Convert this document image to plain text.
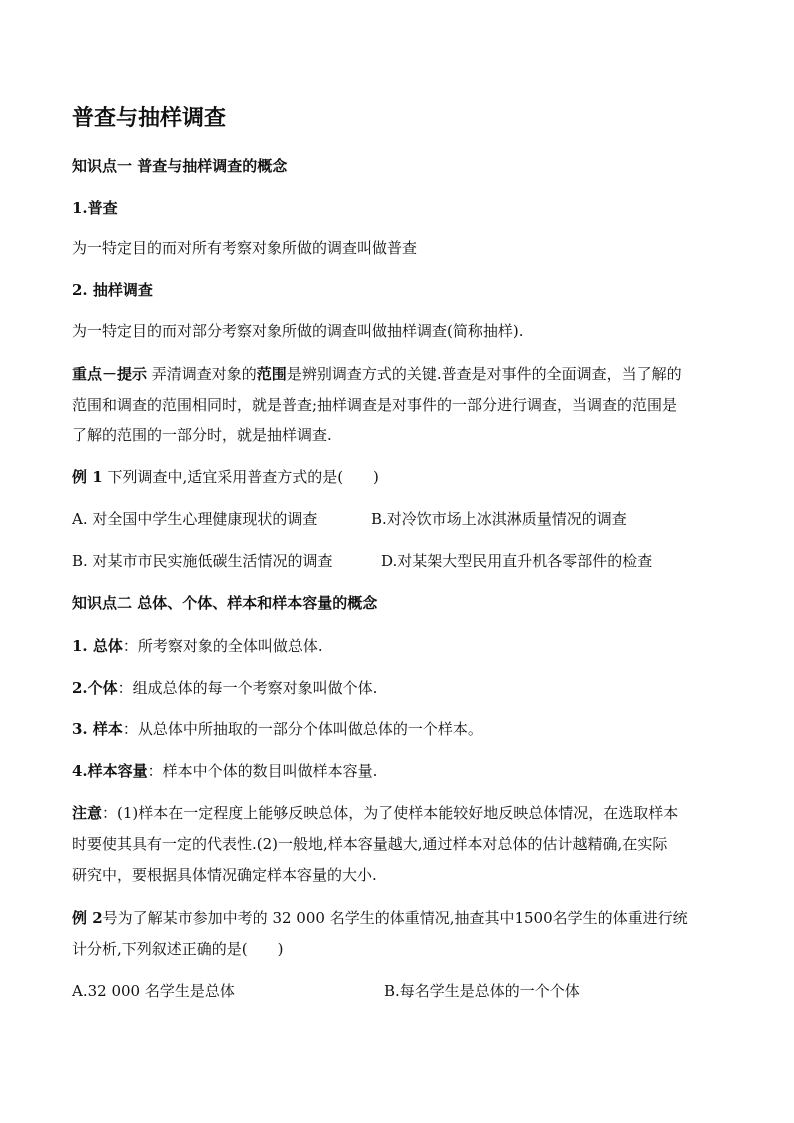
普查与抽样调查
知识点一 普查与抽样调查的概念
1.普查
为一特定目的而对所有考察对象所做的调查叫做普查
2. 抽样调查
为一特定目的而对部分考察对象所做的调查叫做抽样调查(简称抽样).
重点－提示 弄清调查对象的范围是辨别调查方式的关键.普查是对事件的全面调查，当了解的
范围和调查的范围相同时，就是普查;抽样调查是对事件的一部分进行调查，当调查的范围是
了解的范围的一部分时，就是抽样调查.
例 1 下列调查中,适宜采用普查方式的是(　　)
A. 对全国中学生心理健康现状的调查	B.对冷饮市场上冰淇淋质量情况的调查
B. 对某市市民实施低碳生活情况的调查	D.对某架大型民用直升机各零部件的检查
知识点二 总体、个体、样本和样本容量的概念
1. 总体：所考察对象的全体叫做总体.
2.个体：组成总体的每一个考察对象叫做个体.
3. 样本：从总体中所抽取的一部分个体叫做总体的一个样本。
4.样本容量：样本中个体的数目叫做样本容量.
注意：(1)样本在一定程度上能够反映总体，为了使样本能较好地反映总体情况，在选取样本
时要使其具有一定的代表性.(2)一般地,样本容量越大,通过样本对总体的估计越精确,在实际
研究中，要根据具体情况确定样本容量的大小.
例 2号为了解某市参加中考的 32 000 名学生的体重情况,抽查其中1500名学生的体重进行统
计分析,下列叙述正确的是(　　)
A.32 000 名学生是总体	B.每名学生是总体的一个个体
